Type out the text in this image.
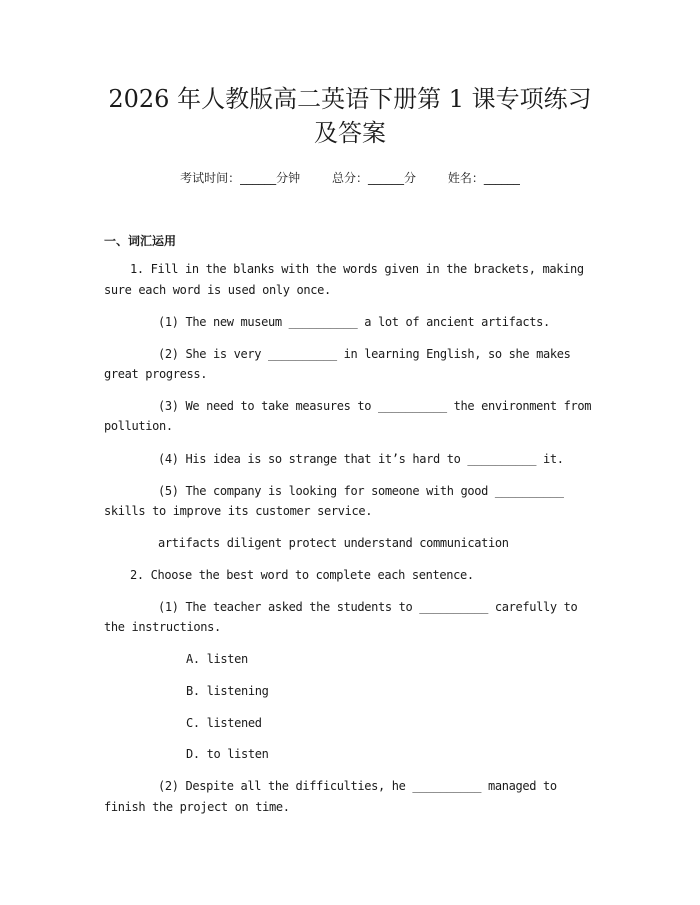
2026 年人教版高二英语下册第 1 课专项练习
及答案
考试时间：______分钟	总分：______分	姓名：______
一、词汇运用
1. Fill in the blanks with the words given in the brackets, making
sure each word is used only once.
(1) The new museum __________ a lot of ancient artifacts.
(2) She is very __________ in learning English, so she makes
great progress.
(3) We need to take measures to __________ the environment from
pollution.
(4) His idea is so strange that it’s hard to __________ it.
(5) The company is looking for someone with good __________
skills to improve its customer service.
artifacts diligent protect understand communication
2. Choose the best word to complete each sentence.
(1) The teacher asked the students to __________ carefully to
the instructions.
A. listen
B. listening
C. listened
D. to listen
(2) Despite all the difficulties, he __________ managed to
finish the project on time.
